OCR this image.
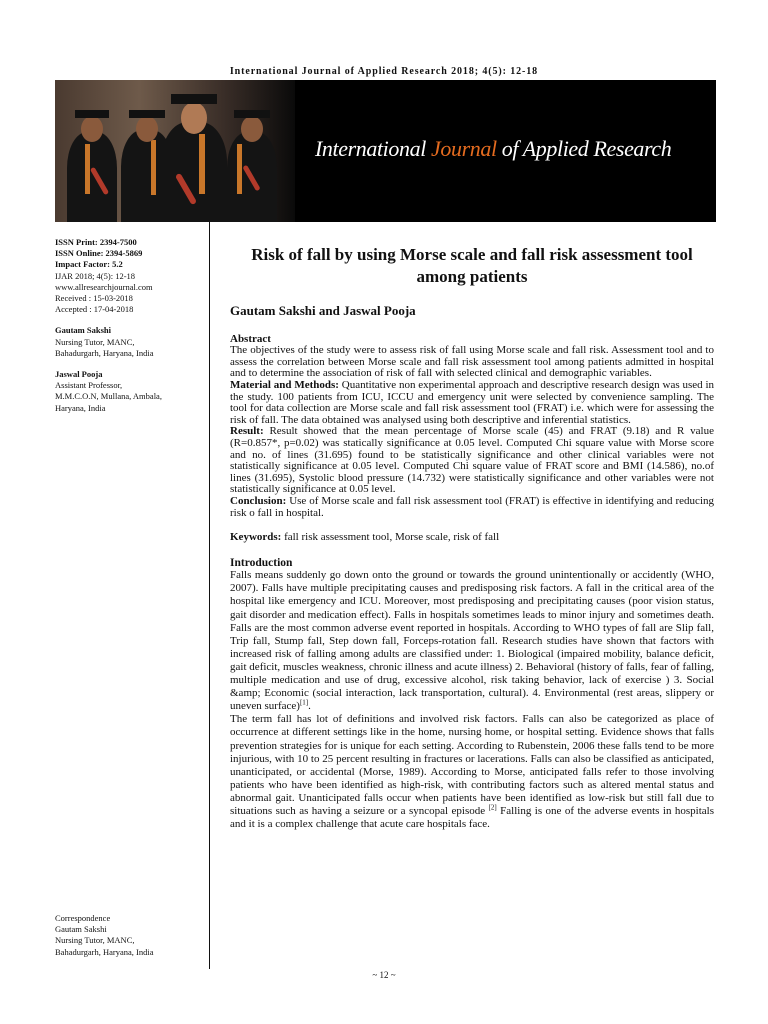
International Journal of Applied Research 2018; 4(5): 12-18
International Journal of Applied Research
ISSN Print: 2394-7500
ISSN Online: 2394-5869
Impact Factor: 5.2
IJAR 2018; 4(5): 12-18
www.allresearchjournal.com
Received : 15-03-2018
Accepted : 17-04-2018
Gautam Sakshi
Nursing Tutor, MANC,
Bahadurgarh, Haryana, India
Jaswal Pooja
Assistant Professor,
M.M.C.O.N, Mullana, Ambala,
Haryana, India
Correspondence
Gautam Sakshi
Nursing Tutor, MANC,
Bahadurgarh, Haryana, India
Risk of fall by using Morse scale and fall risk assessment tool among patients
Gautam Sakshi and Jaswal Pooja
Abstract

The objectives of the study were to assess risk of fall using Morse scale and fall risk. Assessment tool and to assess the correlation between Morse scale and fall risk assessment tool among patients admitted in hospital and to determine the association of risk of fall with selected clinical and demographic variables.

Material and Methods: Quantitative non experimental approach and descriptive research design was used in the study. 100 patients from ICU, ICCU and emergency unit were selected by convenience sampling. The tool for data collection are Morse scale and fall risk assessment tool (FRAT) i.e. which were for assessing the risk of fall. The data obtained was analysed using both descriptive and inferential statistics.

Result: Result showed that the mean percentage of Morse scale (45) and FRAT (9.18) and R value (R=0.857*, p=0.02) was statically significance at 0.05 level. Computed Chi square value with Morse score and no. of lines (31.695) found to be statistically significance and other clinical variables were not statistically significance at 0.05 level. Computed Chi square value of FRAT score and BMI (14.586), no.of lines (31.695), Systolic blood pressure (14.732) were statistically significance and other variables were not statistically significance at 0.05 level.

Conclusion: Use of Morse scale and fall risk assessment tool (FRAT) is effective in identifying and reducing risk o fall in hospital.

Keywords: fall risk assessment tool, Morse scale, risk of fall

Introduction

Falls means suddenly go down onto the ground or towards the ground unintentionally or accidently (WHO, 2007). Falls have multiple precipitating causes and predisposing risk factors. A fall in the critical area of the hospital like emergency and ICU. Moreover, most predisposing and precipitating causes (poor vision status, gait disorder and medication effect). Falls in hospitals sometimes leads to minor injury and sometimes death. Falls are the most common adverse event reported in hospitals. According to WHO types of fall are Slip fall, Trip fall, Stump fall, Step down fall, Forceps-rotation fall. Research studies have shown that factors with increased risk of falling among adults are classified under: 1. Biological (impaired mobility, balance deficit, gait deficit, muscles weakness, chronic illness and acute illness) 2. Behavioral (history of falls, fear of falling, multiple medication and use of drug, excessive alcohol, risk taking behavior, lack of exercise ) 3. Social &amp; Economic (social interaction, lack transportation, cultural). 4. Environmental (rest areas, slippery or uneven surface)[1].

The term fall has lot of definitions and involved risk factors. Falls can also be categorized as place of occurrence at different settings like in the home, nursing home, or hospital setting. Evidence shows that falls prevention strategies for is unique for each setting. According to Rubenstein, 2006 these falls tend to be more injurious, with 10 to 25 percent resulting in fractures or lacerations. Falls can also be classified as anticipated, unanticipated, or accidental (Morse, 1989). According to Morse, anticipated falls refer to those involving patients who have been identified as high-risk, with contributing factors such as altered mental status and abnormal gait. Unanticipated falls occur when patients have been identified as low-risk but still fall due to situations such as having a seizure or a syncopal episode [2] Falling is one of the adverse events in hospitals and it is a complex challenge that acute care hospitals face.

~ 12 ~
